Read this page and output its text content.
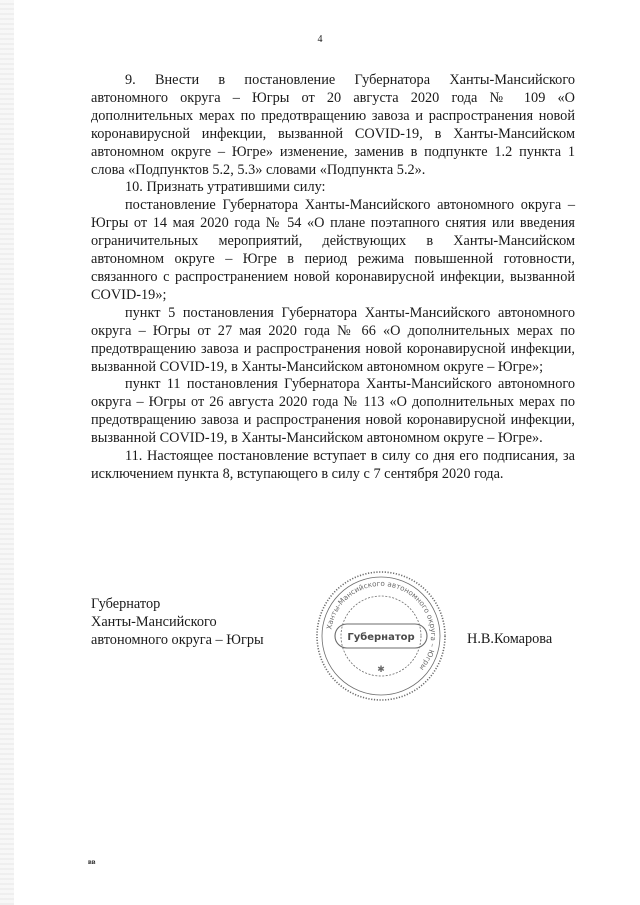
4

9. Внести в постановление Губернатора Ханты-Мансийского автономного округа – Югры от 20 августа 2020 года № 109 «О дополнительных мерах по предотвращению завоза и распространения новой коронавирусной инфекции, вызванной COVID-19, в Ханты-Мансийском автономном округе – Югре» изменение, заменив в подпункте 1.2 пункта 1 слова «Подпунктов 5.2, 5.3» словами «Подпункта 5.2».

10. Признать утратившими силу:

постановление Губернатора Ханты-Мансийского автономного округа – Югры от 14 мая 2020 года № 54 «О плане поэтапного снятия или введения ограничительных мероприятий, действующих в Ханты-Мансийском автономном округе – Югре в период режима повышенной готовности, связанного с распространением новой коронавирусной инфекции, вызванной COVID-19»;

пункт 5 постановления Губернатора Ханты-Мансийского автономного округа – Югры от 27 мая 2020 года № 66 «О дополнительных мерах по предотвращению завоза и распространения новой коронавирусной инфекции, вызванной COVID-19, в Ханты-Мансийском автономном округе – Югре»;

пункт 11 постановления Губернатора Ханты-Мансийского автономного округа – Югры от 26 августа 2020 года № 113 «О дополнительных мерах по предотвращению завоза и распространения новой коронавирусной инфекции, вызванной COVID-19, в Ханты-Мансийском автономном округе – Югре».

11. Настоящее постановление вступает в силу со дня его подписания, за исключением пункта 8, вступающего в силу с 7 сентября 2020 года.

Губернатор
Ханты-Мансийского
автономного округа – Югры
Ханты-Мансийского автономного округа – Югры
Губернатор
✱
Н.В.Комарова
вв
